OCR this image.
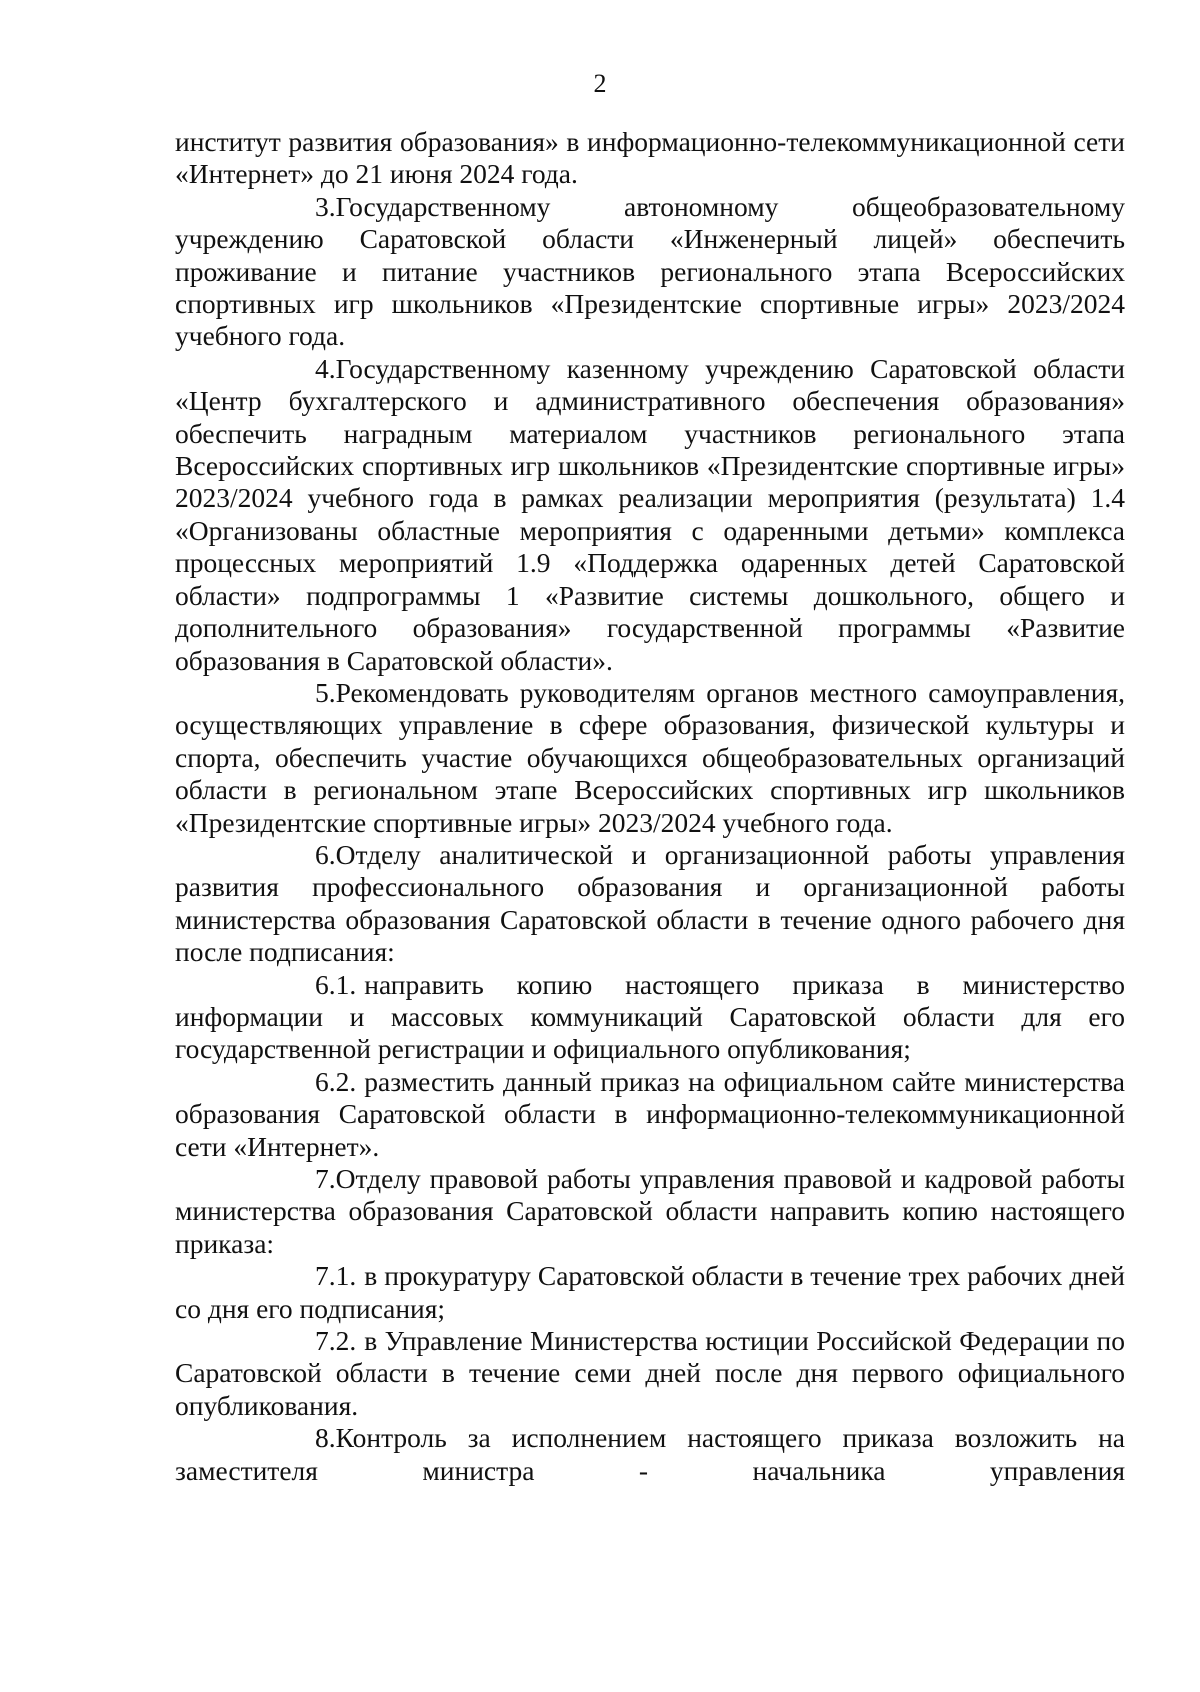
2

институт развития образования» в информационно-телекоммуникационной сети «Интернет» до 21 июня 2024 года.

3.Государственному автономному общеобразовательному учреждению Саратовской области «Инженерный лицей» обеспечить проживание и питание участников регионального этапа Всероссийских спортивных игр школьников «Президентские спортивные игры» 2023/2024 учебного года.

4.Государственному казенному учреждению Саратовской области «Центр бухгалтерского и административного обеспечения образования» обеспечить наградным материалом участников регионального этапа Всероссийских спортивных игр школьников «Президентские спортивные игры» 2023/2024 учебного года в рамках реализации мероприятия (результата) 1.4 «Организованы областные мероприятия с одаренными детьми» комплекса процессных мероприятий 1.9 «Поддержка одаренных детей Саратовской области» подпрограммы 1 «Развитие системы дошкольного, общего и дополнительного образования» государственной программы «Развитие образования в Саратовской области».

5.Рекомендовать руководителям органов местного самоуправления, осуществляющих управление в сфере образования, физической культуры и спорта, обеспечить участие обучающихся общеобразовательных организаций области в региональном этапе Всероссийских спортивных игр школьников «Президентские спортивные игры» 2023/2024 учебного года.

6.Отделу аналитической и организационной работы управления развития профессионального образования и организационной работы министерства образования Саратовской области в течение одного рабочего дня после подписания:

6.1. направить копию настоящего приказа в министерство информации и массовых коммуникаций Саратовской области для его государственной регистрации и официального опубликования;

6.2. разместить данный приказ на официальном сайте министерства образования Саратовской области в информационно-телекоммуникационной сети «Интернет».

7.Отделу правовой работы управления правовой и кадровой работы министерства образования Саратовской области направить копию настоящего приказа:

7.1. в прокуратуру Саратовской области в течение трех рабочих дней со дня его подписания;

7.2. в Управление Министерства юстиции Российской Федерации по Саратовской области в течение семи дней после дня первого официального опубликования.

8.Контроль за исполнением настоящего приказа возложить на заместителя министра - начальника управления
